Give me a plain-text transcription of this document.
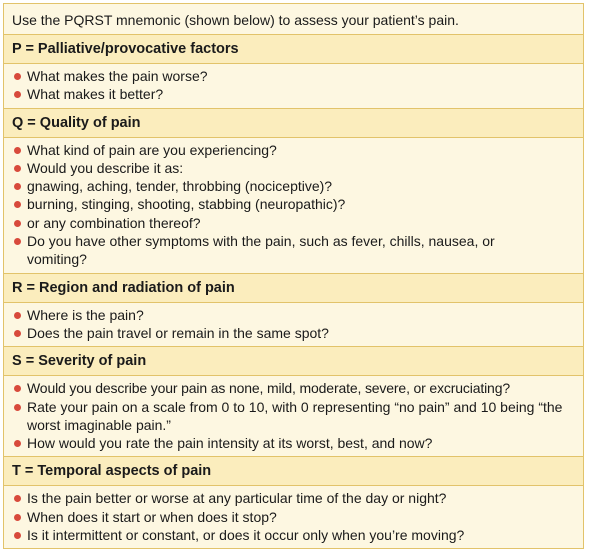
Use the PQRST mnemonic (shown below) to assess your patient’s pain.
P = Palliative/provocative factors
What makes the pain worse?
What makes it better?
Q = Quality of pain
What kind of pain are you experiencing?
Would you describe it as:
gnawing, aching, tender, throbbing (nociceptive)?
burning, stinging, shooting, stabbing (neuropathic)?
or any combination thereof?
Do you have other symptoms with the pain, such as fever, chills, nausea, or vomiting?
R = Region and radiation of pain
Where is the pain?
Does the pain travel or remain in the same spot?
S = Severity of pain
Would you describe your pain as none, mild, moderate, severe, or excruciating?
Rate your pain on a scale from 0 to 10, with 0 representing “no pain” and 10 being “the worst imaginable pain.”
How would you rate the pain intensity at its worst, best, and now?
T = Temporal aspects of pain
Is the pain better or worse at any particular time of the day or night?
When does it start or when does it stop?
Is it intermittent or constant, or does it occur only when you’re moving?
